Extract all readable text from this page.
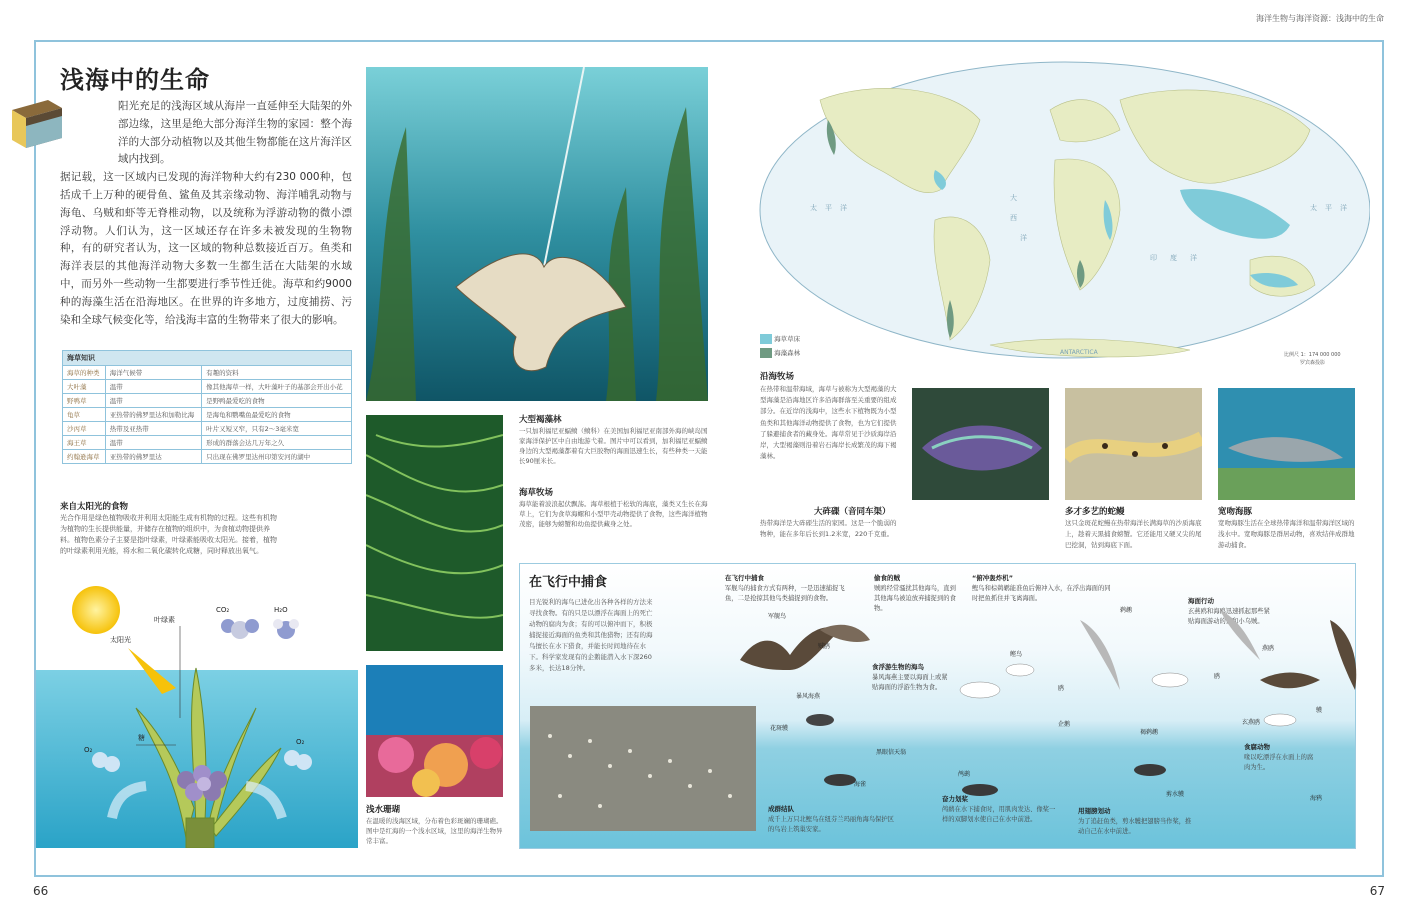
海洋生物与海洋资源：浅海中的生命
浅海中的生命
阳光充足的浅海区域从海岸一直延伸至大陆架的外部边缘，这里是绝大部分海洋生物的家园：整个海洋的大部分动植物以及其他生物都能在这片海洋区域内找到。
据记载，这一区域内已发现的海洋物种大约有230 000种，包括成千上万种的硬骨鱼、鲨鱼及其亲缘动物、海洋哺乳动物与海龟、乌贼和虾等无脊椎动物，以及统称为浮游动物的微小漂浮动物。人们认为，这一区域还存在许多未被发现的生物物种，有的研究者认为，这一区域的物种总数接近百万。鱼类和海洋表层的其他海洋动物大多数一生都生活在大陆架的水域中，而另外一些动物一生都要进行季节性迁徙。海草和约9000种的海藻生活在沿海地区。在世界的许多地方，过度捕捞、污染和全球气候变化等，给浅海丰富的生物带来了很大的影响。
海草知识		
海草的种类	海洋气候带	有趣的资料
大叶藻	温带	像其他海草一样，大叶藻叶子的基部会开出小花
野鸭草	温带	是野鸭最爱吃的食物
龟草	亚热带的佛罗里达和加勒比海	是海龟和鹦嘴鱼最爱吃的食物
沙丙草	热带及亚热带	叶片又短又窄，只有2～3毫米宽
海王草	温带	形成的群落会达几万年之久
约翰逊海草	亚热带的佛罗里达	只出现在佛罗里达州印第安河的湖中
来自太阳光的食物
光合作用是绿色植物吸收并利用太阳能生成有机物的过程。这些有机物为植物的生长提供能量，并储存在植物的组织中，为食植动物提供养料。植物色素分子主要是指叶绿素，叶绿素能吸收太阳光。接着，植物的叶绿素利用光能，将水和二氧化碳转化成糖，同时释放出氧气。
叶绿素
太阳光
CO₂	H₂O
糖
O₂
O₂
大型褐藻林
一只加利福尼亚蝠鲼（鲼科）在美国加利福尼亚南部外海的峡岛国家海洋保护区中自由地游弋着。图片中可以看到，加利福尼亚蝠鲼身边的大型褐藻都着有大巨胶物的海面迅速生长，有些种类一天能长90厘米长。
海草牧场
海草能着波浪起伏飘荡。海草根植于松软的海底，藻类又生长在海草上，它们为食草海螺和小型甲壳动物提供了食物，这些海洋植物茂密，能够为螃蟹和幼鱼提供藏身之处。
浅水珊瑚
在温暖的浅海区域，分布着色彩斑斓的珊瑚礁。图中是红海的一个浅水区域，这里的海洋生物异常丰富。
太 平 洋
大
西
洋
印 度 洋
太 平 洋
ANTARCTICA	比例尺 1：174 000 000
罗宾森投影
海草草床
海藻森林
沿海牧场
在热带和温带海域，海草与被称为大型褐藻的大型海藻是沿海地区许多沿海群落至关重要的组成部分。在近岸的浅海中，这些水下植物既为小型鱼类和其他海洋动物提供了食物，也为它们提供了躲避捕食者的藏身处。海草常见于沙质海岸沿岸，大型褐藻则沿着岩石海岸长成繁茂的海下褐藻林。
大砗磲（音同车渠）
热带海洋是大砗磲生活的家园。这是一个脆弱的物种，能在多年后长到1.2米宽，220千克重。
多才多艺的蛇鳗
这只金斑花蛇鳗在热带海洋长满海草的沙质海底上，趁着天黑捕食螃蟹。它还能用又硬又尖的尾巴挖洞，钻到海底下面。
宽吻海豚
宽吻海豚生活在全球热带海洋和温带海洋区域的浅水中。宽吻海豚是群居动物，喜欢结伴成群地游动捕食。
在飞行中捕食
目光锐利的海鸟已进化出各种各样的方法来寻找食物。有的只是以漂浮在海面上的死亡动物的腐肉为食；有的可以俯冲而下，积极捕捉接近海面的鱼类和其他猎物；还有的海鸟擅长在水下猎食，并能长时间地待在水下。科学家发现有的企鹅能潜入水下深260多米，长达18分钟。
在飞行中捕食
军舰鸟的捕食方式有两种，一是迅速捕捉飞鱼，二是抢掠其他鸟类捕捉到的食物。
偷食的贼
贼鸥经常骚扰其他海鸟，直到其他海鸟被迫放弃捕捉到的食物。
“俯冲轰炸机”
鲣鸟和棕鹈鹕能准鱼后俯冲入水，在浮出海面的同时把鱼抓住并飞离海面。	海面行动
玄燕鸥和海鸥迅速抓起那些紧贴海面游动的鱼和小乌贼。
食浮游生物的海鸟
暴风海燕主要以海面上或紧贴海面的浮游生物为食。
食腐动物
喙以吃漂浮在水面上的腐肉为生。
成群结队
成千上万只北鲣鸟在纽芬兰玛丽角海鸟保护区的鸟岩上筑巢安家。
奋力划桨
鸬鹚在水下捕食时，用肌肉发达、像桨一样的双脚划水使自己在水中前进。
用翅膀划动
为了追赶鱼类，剪水鹱把翅膀当作桨，推动自己在水中前进。
军舰鸟
贼鸥
暴风海燕
花斑鹱
鲣鸟
鹈鹕
鸥
玄燕鸥
剪水鹱
黑眼信天翁
海雀
鸬鹚
燕鸥
鹱
褐鹈鹕
企鹅
鸥
海鸦
66	67
